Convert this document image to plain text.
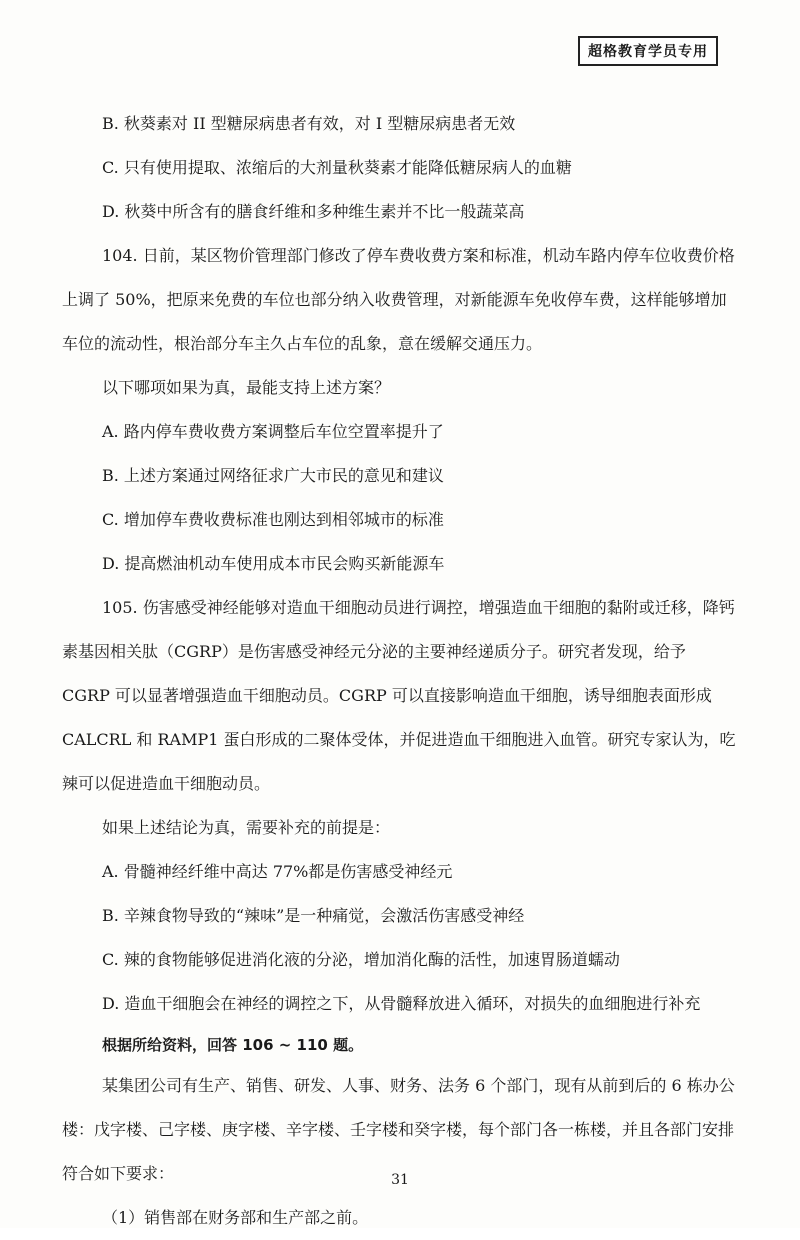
超格教育学员专用
B. 秋葵素对 II 型糖尿病患者有效，对 I 型糖尿病患者无效
C. 只有使用提取、浓缩后的大剂量秋葵素才能降低糖尿病人的血糖
D. 秋葵中所含有的膳食纤维和多种维生素并不比一般蔬菜高

104. 日前，某区物价管理部门修改了停车费收费方案和标准，机动车路内停车位收费价格上调了 50%，把原来免费的车位也部分纳入收费管理，对新能源车免收停车费，这样能够增加车位的流动性，根治部分车主久占车位的乱象，意在缓解交通压力。

以下哪项如果为真，最能支持上述方案？
A. 路内停车费收费方案调整后车位空置率提升了
B. 上述方案通过网络征求广大市民的意见和建议
C. 增加停车费收费标准也刚达到相邻城市的标准
D. 提高燃油机动车使用成本市民会购买新能源车

105. 伤害感受神经能够对造血干细胞动员进行调控，增强造血干细胞的黏附或迁移，降钙素基因相关肽（CGRP）是伤害感受神经元分泌的主要神经递质分子。研究者发现，给予 CGRP 可以显著增强造血干细胞动员。CGRP 可以直接影响造血干细胞，诱导细胞表面形成 CALCRL 和 RAMP1 蛋白形成的二聚体受体，并促进造血干细胞进入血管。研究专家认为，吃辣可以促进造血干细胞动员。

如果上述结论为真，需要补充的前提是：
A. 骨髓神经纤维中高达 77%都是伤害感受神经元
B. 辛辣食物导致的“辣味”是一种痛觉，会激活伤害感受神经
C. 辣的食物能够促进消化液的分泌，增加消化酶的活性，加速胃肠道蠕动
D. 造血干细胞会在神经的调控之下，从骨髓释放进入循环，对损失的血细胞进行补充
根据所给资料，回答 106 ~ 110 题。

某集团公司有生产、销售、研发、人事、财务、法务 6 个部门，现有从前到后的 6 栋办公楼：戊字楼、己字楼、庚字楼、辛字楼、壬字楼和癸字楼，每个部门各一栋楼，并且各部门安排符合如下要求：

（1）销售部在财务部和生产部之前。
31
